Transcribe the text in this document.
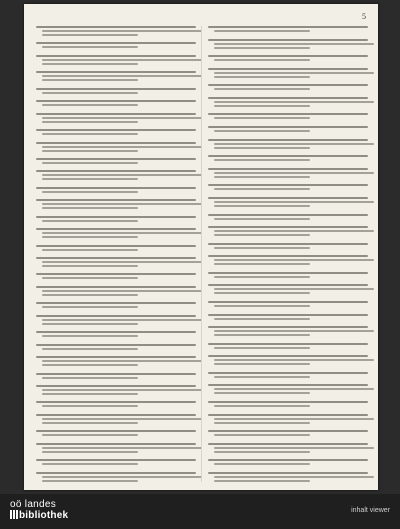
5
oö landes
bibliothek	inhalt viewer
